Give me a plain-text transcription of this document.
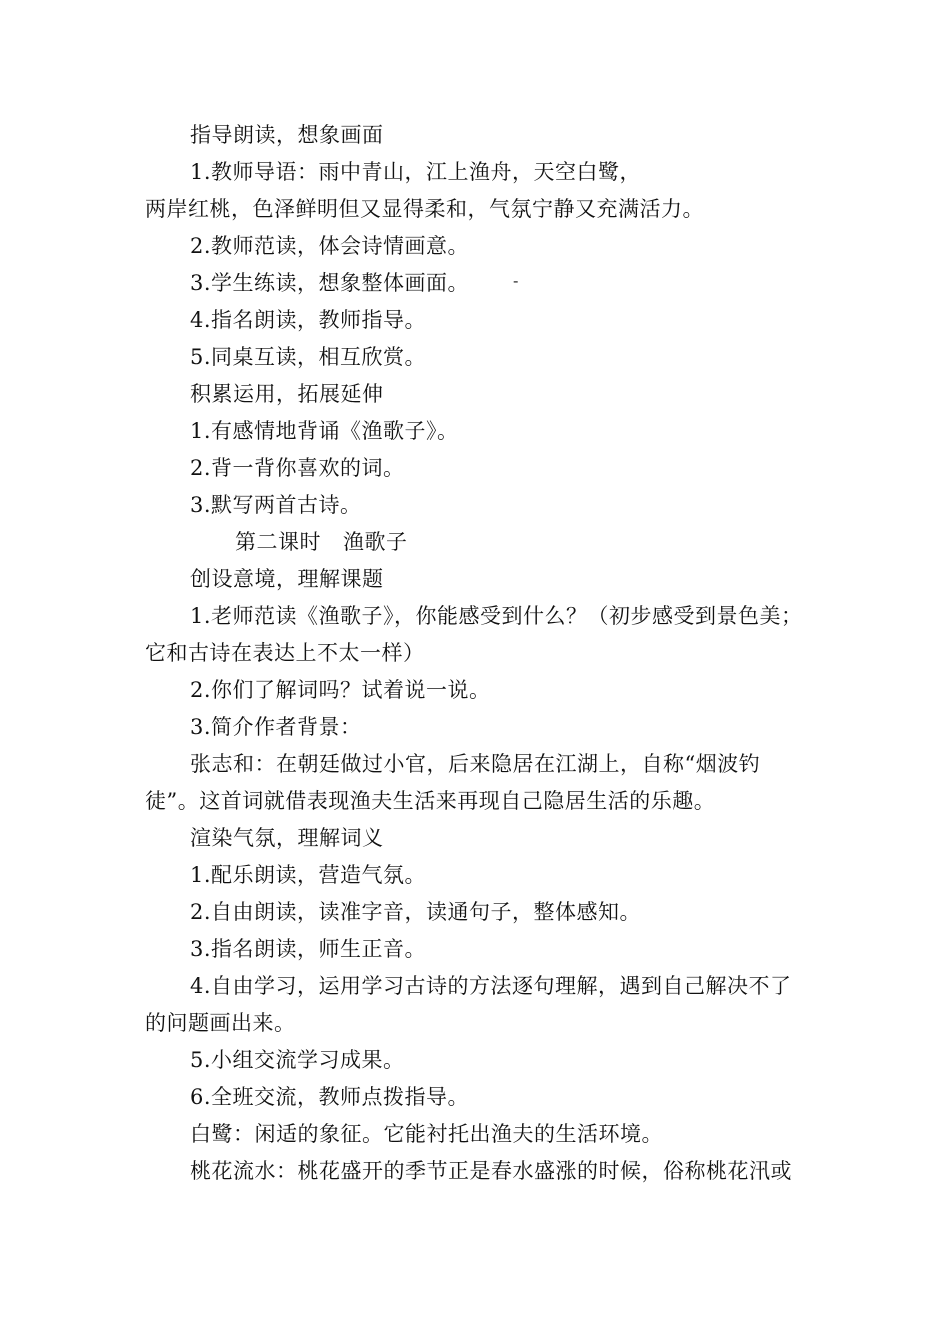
指导朗读，想象画面
1.教师导语：雨中青山，江上渔舟，天空白鹭，
两岸红桃，色泽鲜明但又显得柔和，气氛宁静又充满活力。
2.教师范读，体会诗情画意。
3.学生练读，想象整体画面。	-
4.指名朗读，教师指导。
5.同桌互读，相互欣赏。
积累运用，拓展延伸
1.有感情地背诵《渔歌子》。
2.背一背你喜欢的词。
3.默写两首古诗。
第二课时 渔歌子
创设意境，理解课题
1.老师范读《渔歌子》，你能感受到什么？（初步感受到景色美；
它和古诗在表达上不太一样）
2.你们了解词吗？试着说一说。
3.简介作者背景：
张志和：在朝廷做过小官，后来隐居在江湖上，自称“烟波钓
徒”。这首词就借表现渔夫生活来再现自己隐居生活的乐趣。
渲染气氛，理解词义
1.配乐朗读，营造气氛。
2.自由朗读，读准字音，读通句子，整体感知。
3.指名朗读，师生正音。
4.自由学习，运用学习古诗的方法逐句理解，遇到自己解决不了
的问题画出来。
5.小组交流学习成果。
6.全班交流，教师点拨指导。
白鹭：闲适的象征。它能衬托出渔夫的生活环境。
桃花流水：桃花盛开的季节正是春水盛涨的时候，俗称桃花汛或
